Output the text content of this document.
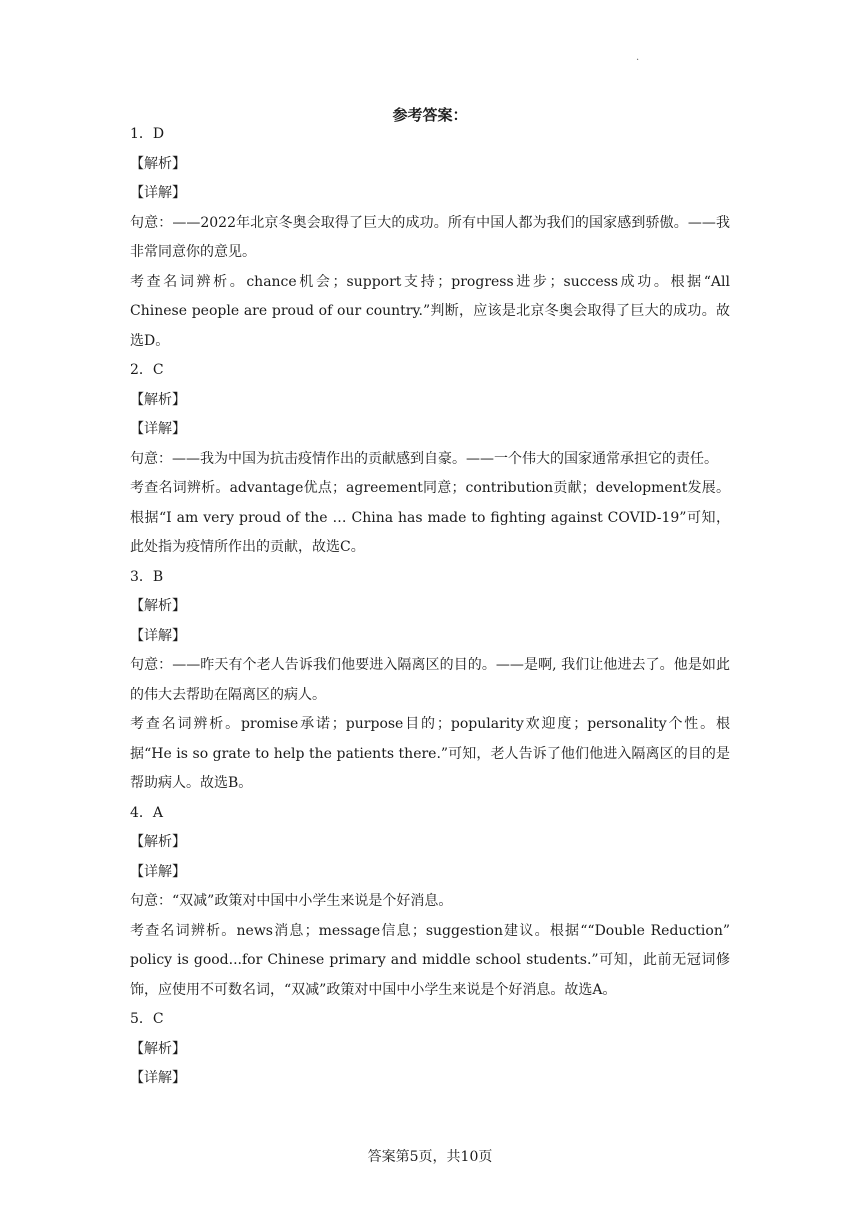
.
参考答案：

1．D

【解析】

【详解】

句意：——2022年北京冬奥会取得了巨大的成功。所有中国人都为我们的国家感到骄傲。——我非常同意你的意见。

考查名词辨析。chance机会；support支持；progress进步；success成功。根据“All Chinese people are proud of our country.”判断，应该是北京冬奥会取得了巨大的成功。故选D。

2．C

【解析】

【详解】

句意：——我为中国为抗击疫情作出的贡献感到自豪。——一个伟大的国家通常承担它的责任。

考查名词辨析。advantage优点；agreement同意；contribution贡献；development发展。根据“I am very proud of the … China has made to fighting against COVID-19”可知，此处指为疫情所作出的贡献，故选C。

3．B

【解析】

【详解】

句意：——昨天有个老人告诉我们他要进入隔离区的目的。——是啊, 我们让他进去了。他是如此的伟大去帮助在隔离区的病人。

考查名词辨析。promise承诺；purpose目的；popularity欢迎度；personality个性。根据“He is so grate to help the patients there.”可知，老人告诉了他们他进入隔离区的目的是帮助病人。故选B。

4．A

【解析】

【详解】

句意：“双减”政策对中国中小学生来说是个好消息。

考查名词辨析。news消息；message信息；suggestion建议。根据““Double Reduction” policy is good...for Chinese primary and middle school students.”可知，此前无冠词修饰，应使用不可数名词，“双减”政策对中国中小学生来说是个好消息。故选A。

5．C

【解析】

【详解】

答案第5页，共10页
